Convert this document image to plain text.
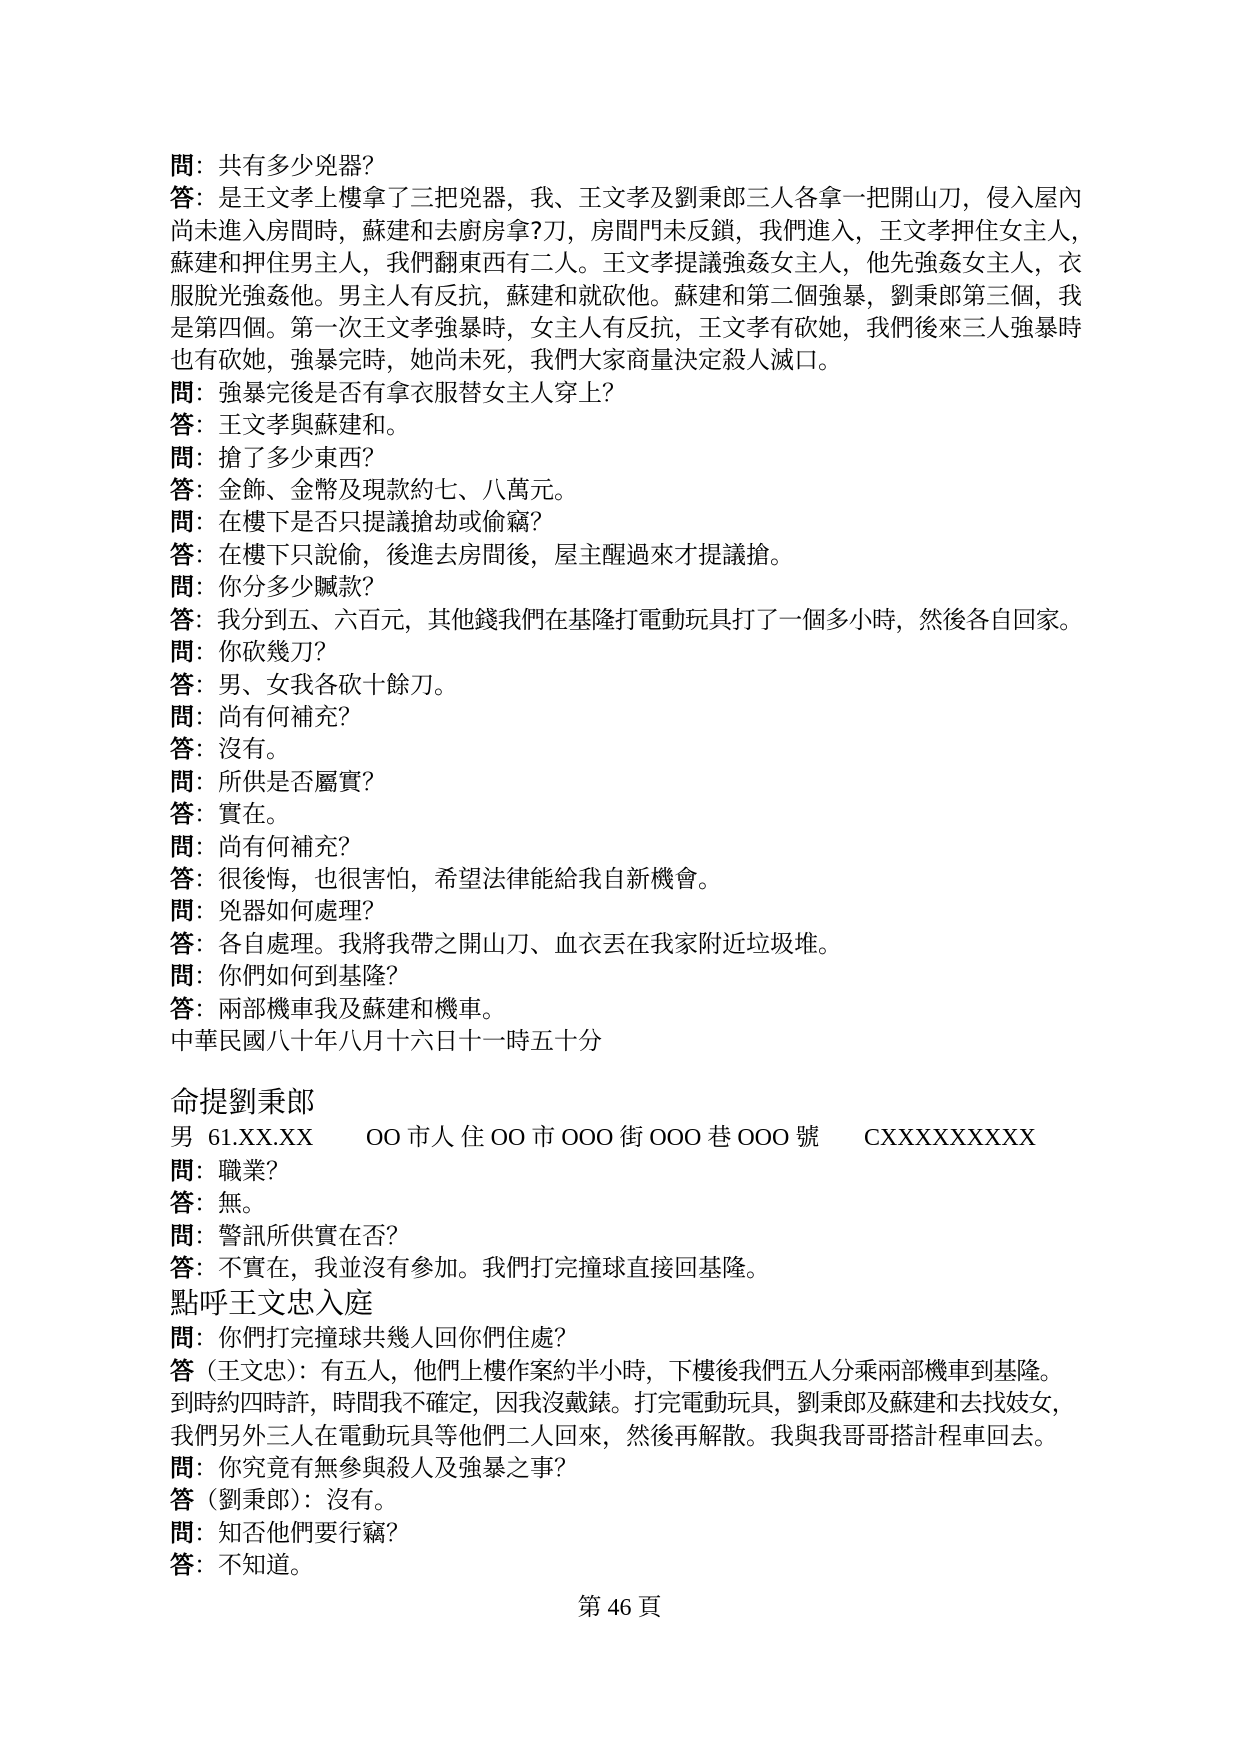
問：共有多少兇器？

答：是王文孝上樓拿了三把兇器，我、王文孝及劉秉郎三人各拿一把開山刀，侵入屋內

尚未進入房間時，蘇建和去廚房拿?刀，房間門未反鎖，我們進入，王文孝押住女主人，

蘇建和押住男主人，我們翻東西有二人。王文孝提議強姦女主人，他先強姦女主人，衣

服脫光強姦他。男主人有反抗，蘇建和就砍他。蘇建和第二個強暴，劉秉郎第三個，我

是第四個。第一次王文孝強暴時，女主人有反抗，王文孝有砍她，我們後來三人強暴時

也有砍她，強暴完時，她尚未死，我們大家商量決定殺人滅口。

問：強暴完後是否有拿衣服替女主人穿上？

答：王文孝與蘇建和。

問：搶了多少東西？

答：金飾、金幣及現款約七、八萬元。

問：在樓下是否只提議搶劫或偷竊？

答：在樓下只說偷，後進去房間後，屋主醒過來才提議搶。

問：你分多少贓款？

答：我分到五、六百元，其他錢我們在基隆打電動玩具打了一個多小時，然後各自回家。

問：你砍幾刀？

答：男、女我各砍十餘刀。

問：尚有何補充？

答：沒有。

問：所供是否屬實？

答：實在。

問：尚有何補充？

答：很後悔，也很害怕，希望法律能給我自新機會。

問：兇器如何處理？

答：各自處理。我將我帶之開山刀、血衣丟在我家附近垃圾堆。

問：你們如何到基隆？

答：兩部機車我及蘇建和機車。

中華民國八十年八月十六日十一時五十分

命提劉秉郎

男 61.XX.XX OO 市人 住 OO 市 OOO 街 OOO 巷 OOO 號 CXXXXXXXXX

問：職業？

答：無。

問：警訊所供實在否？

答：不實在，我並沒有參加。我們打完撞球直接回基隆。

點呼王文忠入庭

問：你們打完撞球共幾人回你們住處？

答（王文忠）：有五人，他們上樓作案約半小時，下樓後我們五人分乘兩部機車到基隆。

到時約四時許，時間我不確定，因我沒戴錶。打完電動玩具，劉秉郎及蘇建和去找妓女，

我們另外三人在電動玩具等他們二人回來，然後再解散。我與我哥哥搭計程車回去。

問：你究竟有無參與殺人及強暴之事？

答（劉秉郎）：沒有。

問：知否他們要行竊？

答：不知道。

第 46 頁
